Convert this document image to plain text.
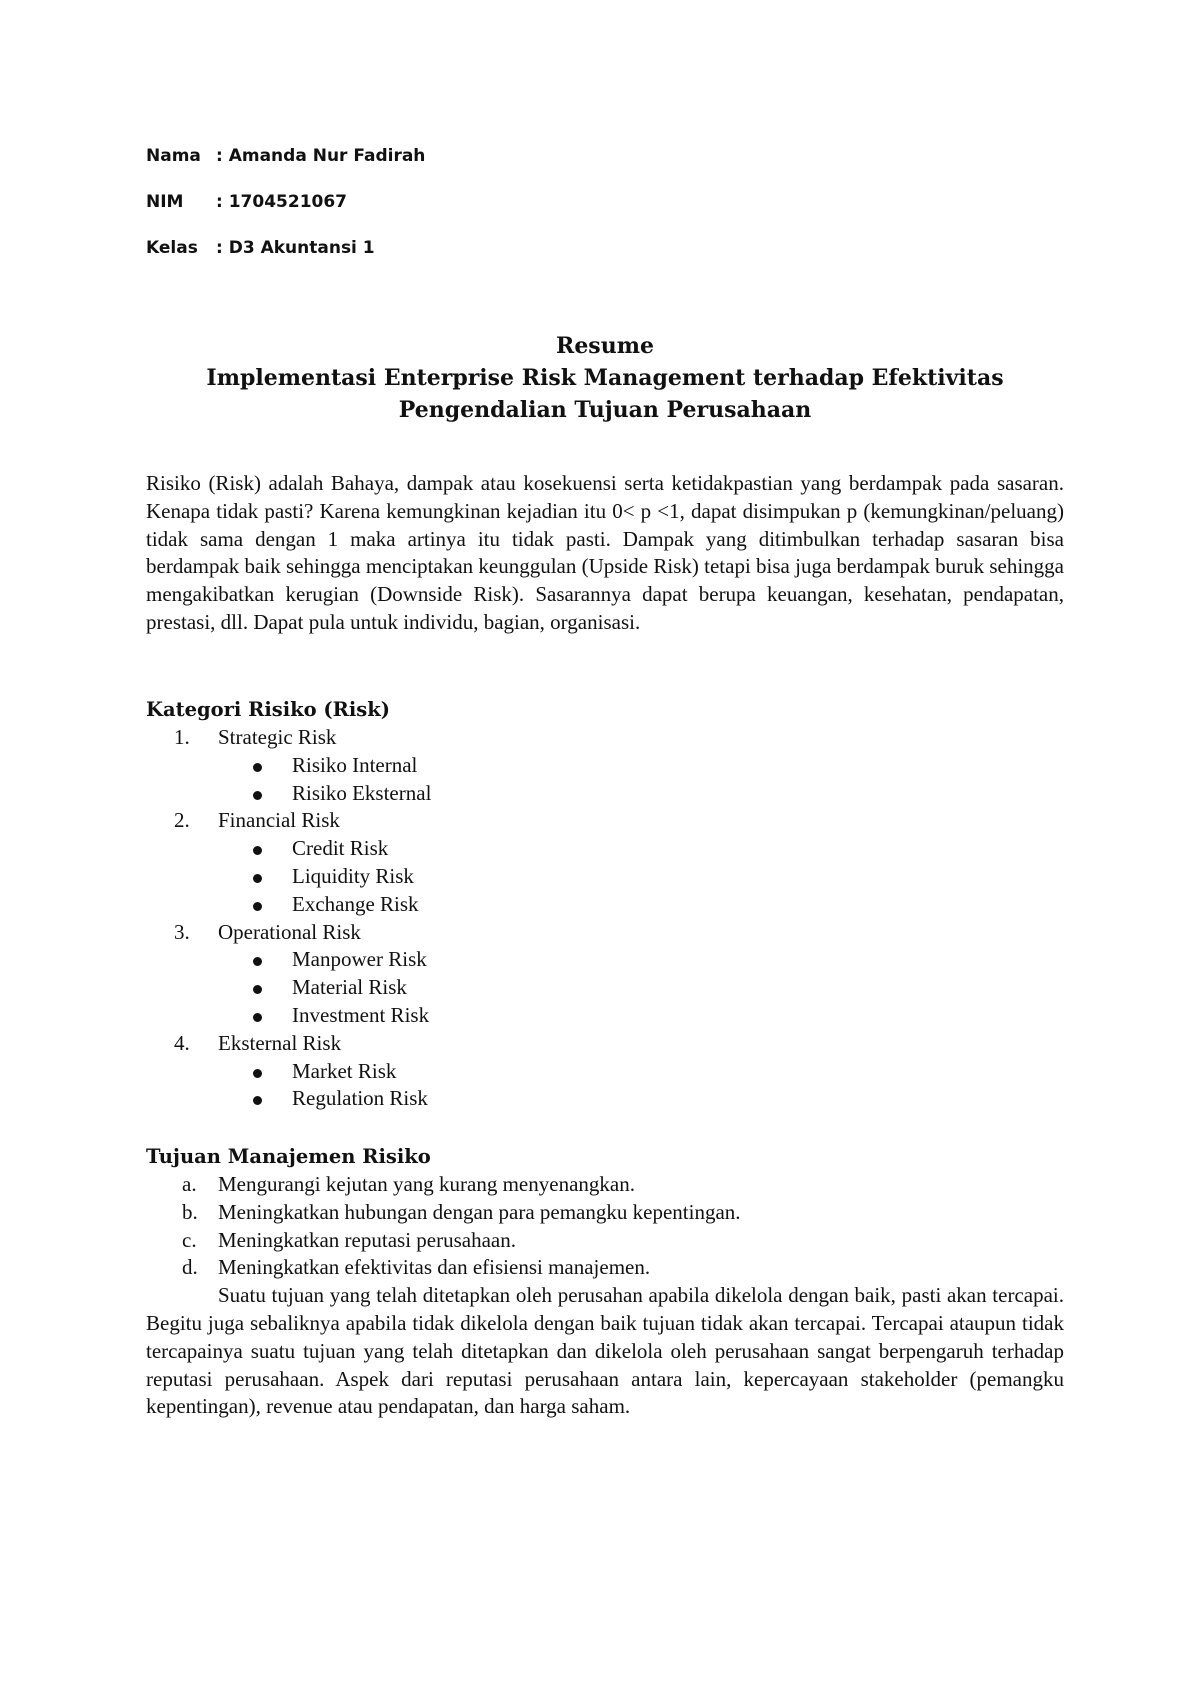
Nama : Amanda Nur Fadirah
NIM	: 1704521067
Kelas	: D3 Akuntansi 1
Resume
Implementasi Enterprise Risk Management terhadap Efektivitas
Pengendalian Tujuan Perusahaan

Risiko (Risk) adalah Bahaya, dampak atau kosekuensi serta ketidakpastian yang berdampak pada sasaran. Kenapa tidak pasti? Karena kemungkinan kejadian itu 0< p <1, dapat disimpukan p (kemungkinan/peluang) tidak sama dengan 1 maka artinya itu tidak pasti. Dampak yang ditimbulkan terhadap sasaran bisa berdampak baik sehingga menciptakan keunggulan (Upside Risk) tetapi bisa juga berdampak buruk sehingga mengakibatkan kerugian (Downside Risk). Sasarannya dapat berupa keuangan, kesehatan, pendapatan, prestasi, dll. Dapat pula untuk individu, bagian, organisasi.

Kategori Risiko (Risk)
1. Strategic Risk
Risiko Internal
Risiko Eksternal
2. Financial Risk
Credit Risk
Liquidity Risk
Exchange Risk
3. Operational Risk
Manpower Risk
Material Risk
Investment Risk
4. Eksternal Risk
Market Risk
Regulation Risk
Tujuan Manajemen Risiko
a. Mengurangi kejutan yang kurang menyenangkan.
b. Meningkatkan hubungan dengan para pemangku kepentingan.
c. Meningkatkan reputasi perusahaan.
d. Meningkatkan efektivitas dan efisiensi manajemen.

Suatu tujuan yang telah ditetapkan oleh perusahan apabila dikelola dengan baik, pasti akan tercapai. Begitu juga sebaliknya apabila tidak dikelola dengan baik tujuan tidak akan tercapai. Tercapai ataupun tidak tercapainya suatu tujuan yang telah ditetapkan dan dikelola oleh perusahaan sangat berpengaruh terhadap reputasi perusahaan. Aspek dari reputasi perusahaan antara lain, kepercayaan stakeholder (pemangku kepentingan), revenue atau pendapatan, dan harga saham.
